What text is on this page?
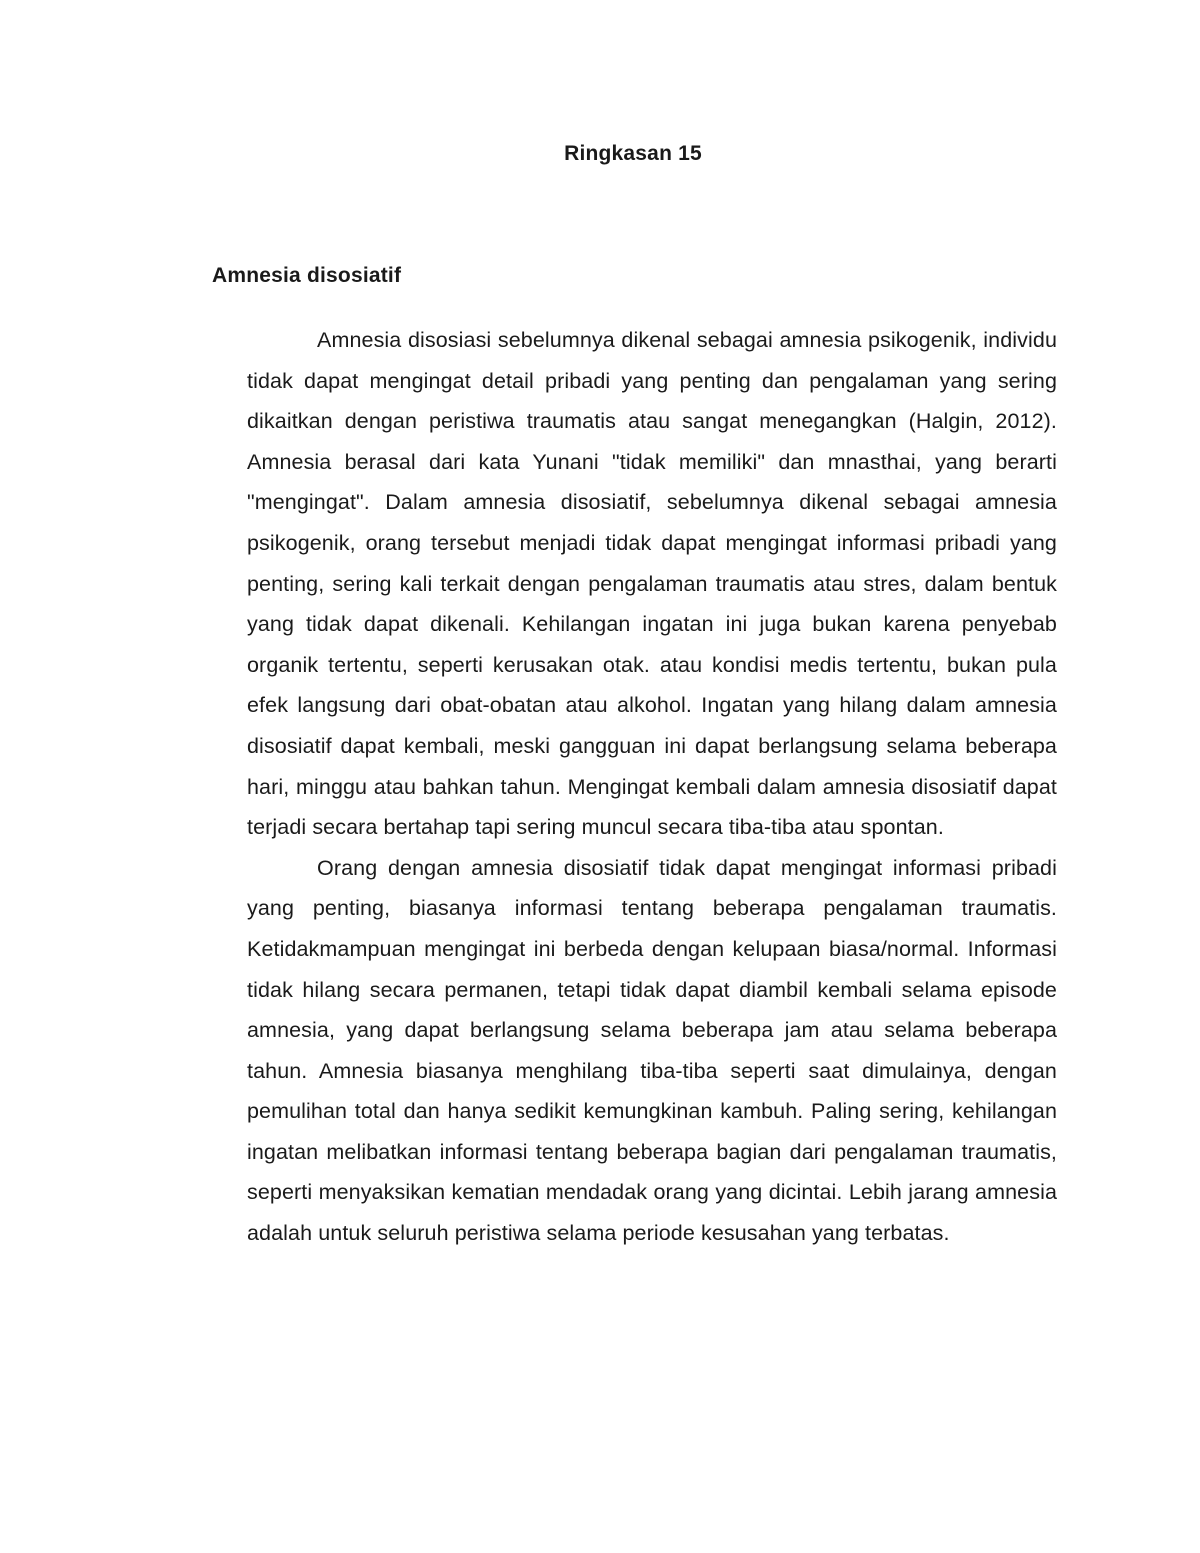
Ringkasan 15
Amnesia disosiatif

Amnesia disosiasi sebelumnya dikenal sebagai amnesia psikogenik, individu tidak dapat mengingat detail pribadi yang penting dan pengalaman yang sering dikaitkan dengan peristiwa traumatis atau sangat menegangkan (Halgin, 2012). Amnesia berasal dari kata Yunani "tidak memiliki" dan mnasthai, yang berarti "mengingat". Dalam amnesia disosiatif, sebelumnya dikenal sebagai amnesia psikogenik, orang tersebut menjadi tidak dapat mengingat informasi pribadi yang penting, sering kali terkait dengan pengalaman traumatis atau stres, dalam bentuk yang tidak dapat dikenali. Kehilangan ingatan ini juga bukan karena penyebab organik tertentu, seperti kerusakan otak. atau kondisi medis tertentu, bukan pula efek langsung dari obat-obatan atau alkohol. Ingatan yang hilang dalam amnesia disosiatif dapat kembali, meski gangguan ini dapat berlangsung selama beberapa hari, minggu atau bahkan tahun. Mengingat kembali dalam amnesia disosiatif dapat terjadi secara bertahap tapi sering muncul secara tiba-tiba atau spontan.

Orang dengan amnesia disosiatif tidak dapat mengingat informasi pribadi yang penting, biasanya informasi tentang beberapa pengalaman traumatis. Ketidakmampuan mengingat ini berbeda dengan kelupaan biasa/normal. Informasi tidak hilang secara permanen, tetapi tidak dapat diambil kembali selama episode amnesia, yang dapat berlangsung selama beberapa jam atau selama beberapa tahun. Amnesia biasanya menghilang tiba-tiba seperti saat dimulainya, dengan pemulihan total dan hanya sedikit kemungkinan kambuh. Paling sering, kehilangan ingatan melibatkan informasi tentang beberapa bagian dari pengalaman traumatis, seperti menyaksikan kematian mendadak orang yang dicintai. Lebih jarang amnesia adalah untuk seluruh peristiwa selama periode kesusahan yang terbatas.
